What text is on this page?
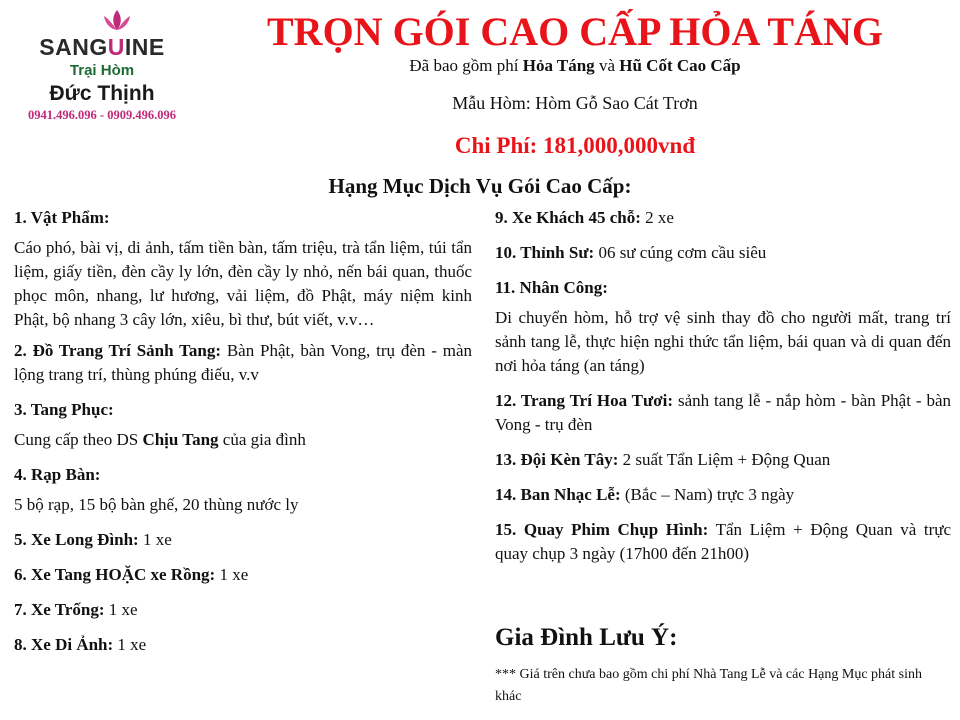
SANGUINE
Trại Hòm
Đức Thịnh
0941.496.096 - 0909.496.096
TRỌN GÓI CAO CẤP HỎA TÁNG
Đã bao gồm phí Hỏa Táng và Hũ Cốt Cao Cấp
Mẫu Hòm: Hòm Gỗ Sao Cát Trơn
Chi Phí: 181,000,000vnđ
Hạng Mục Dịch Vụ Gói Cao Cấp:
1. Vật Phẩm:
Cáo phó, bài vị, di ảnh, tấm tiền bàn, tấm triệu, trà tẩn liệm, túi tẩn liệm, giấy tiền, đèn cầy ly lớn, đèn cầy ly nhỏ, nến bái quan, thuốc phọc môn, nhang, lư hương, vải liệm, đồ Phật, máy niệm kinh Phật, bộ nhang 3 cây lớn, xiêu, bì thư, bút viết, v.v…
2. Đồ Trang Trí Sảnh Tang: Bàn Phật, bàn Vong, trụ đèn - màn lộng trang trí, thùng phúng điếu, v.v
3. Tang Phục:
Cung cấp theo DS Chịu Tang của gia đình
4. Rạp Bàn:
5 bộ rạp, 15 bộ bàn ghế, 20 thùng nước ly
5. Xe Long Đình: 1 xe
6. Xe Tang HOẶC xe Rồng: 1 xe
7. Xe Trống: 1 xe
8. Xe Di Ảnh: 1 xe
9. Xe Khách 45 chỗ: 2 xe
10. Thỉnh Sư: 06 sư cúng cơm cầu siêu
11. Nhân Công:
Di chuyển hòm, hỗ trợ vệ sinh thay đồ cho người mất, trang trí sảnh tang lễ, thực hiện nghi thức tẩn liệm, bái quan và di quan đến nơi hỏa táng (an táng)
12. Trang Trí Hoa Tươi: sảnh tang lễ - nắp hòm - bàn Phật - bàn Vong - trụ đèn
13. Đội Kèn Tây: 2 suất Tẩn Liệm + Động Quan
14. Ban Nhạc Lễ: (Bắc – Nam) trực 3 ngày
15. Quay Phim Chụp Hình: Tẩn Liệm + Động Quan và trực quay chụp 3 ngày (17h00 đến 21h00)
Gia Đình Lưu Ý:
*** Giá trên chưa bao gồm chi phí Nhà Tang Lễ và các Hạng Mục phát sinh khác
